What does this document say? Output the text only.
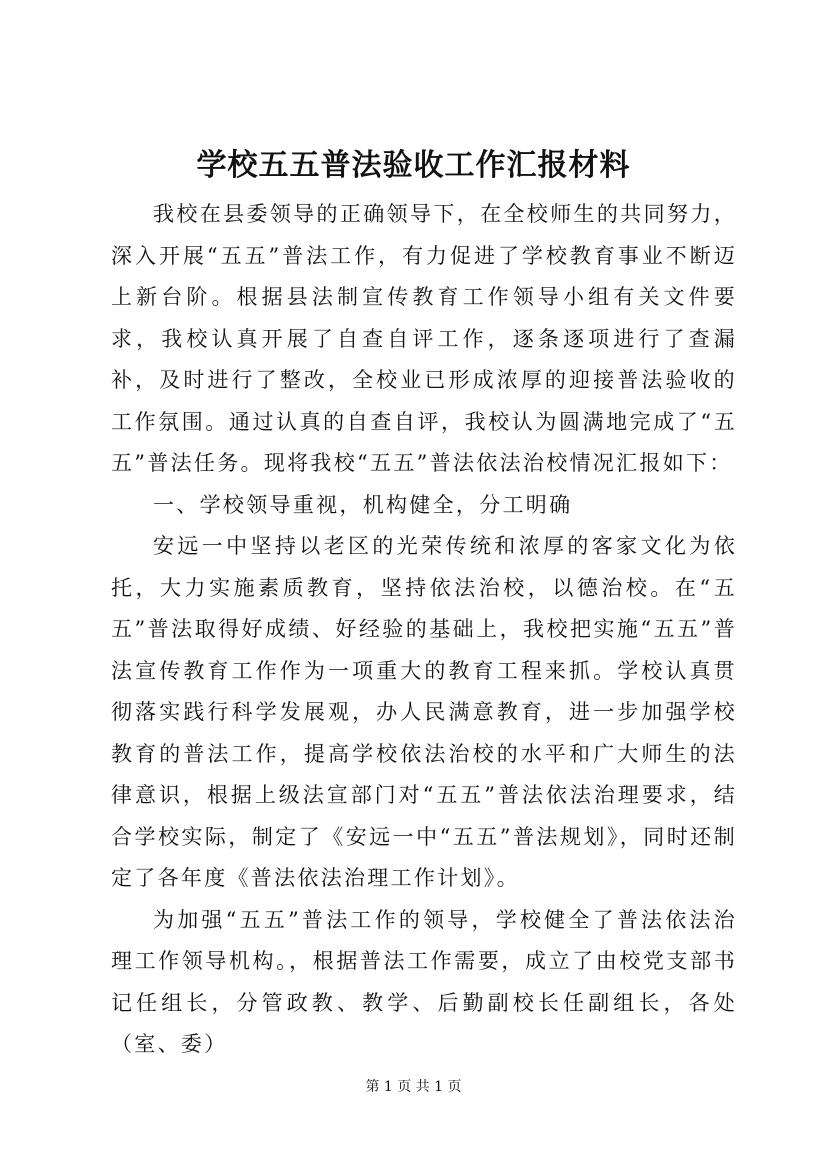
学校五五普法验收工作汇报材料

我校在县委领导的正确领导下，在全校师生的共同努力，深入开展“五五”普法工作，有力促进了学校教育事业不断迈上新台阶。根据县法制宣传教育工作领导小组有关文件要求，我校认真开展了自查自评工作，逐条逐项进行了查漏补，及时进行了整改，全校业已形成浓厚的迎接普法验收的工作氛围。通过认真的自查自评，我校认为圆满地完成了“五五”普法任务。现将我校“五五”普法依法治校情况汇报如下：

一、学校领导重视，机构健全，分工明确

安远一中坚持以老区的光荣传统和浓厚的客家文化为依托，大力实施素质教育，坚持依法治校，以德治校。在“五五”普法取得好成绩、好经验的基础上，我校把实施“五五”普法宣传教育工作作为一项重大的教育工程来抓。学校认真贯彻落实践行科学发展观，办人民满意教育，进一步加强学校教育的普法工作，提高学校依法治校的水平和广大师生的法律意识，根据上级法宣部门对“五五”普法依法治理要求，结合学校实际，制定了《安远一中“五五”普法规划》，同时还制定了各年度《普法依法治理工作计划》。

为加强“五五”普法工作的领导，学校健全了普法依法治理工作领导机构。，根据普法工作需要，成立了由校党支部书记任组长，分管政教、教学、后勤副校长任副组长，各处（室、委）

第 1 页 共 1 页
